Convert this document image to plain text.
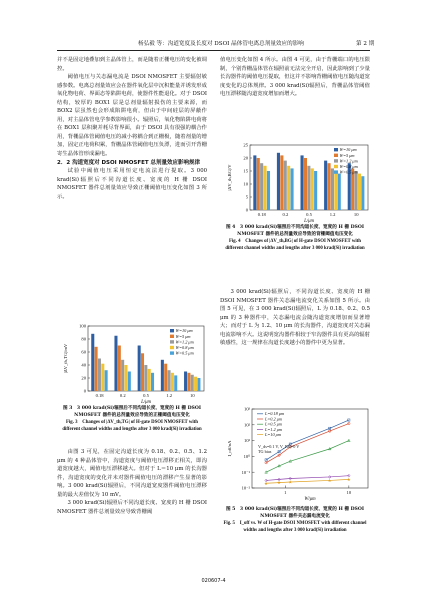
杨弘毅 等：沟道宽度及长度对 DSOI 晶体管电离总剂量效应的影响	第 2 期

并不是固定地叠加到主晶体管上，而是随着正栅电压的变化被调控。

阈值电压与关态漏电流是 DSOI NMOSFET 主要辐射敏感参数。电离总剂量效应会在器件氧化层中沉积能量并诱发形成氧化物电荷、界面态等陷阱电荷，使器件性能退化。对于 DSOI 结构，较厚的 BOX1 层是总剂量辐射损伤的主要来源，而 BOX2 层虽然也会形成陷阱电荷，但由于中间硅层的屏蔽作用，对主晶体管电学参数影响很小。辐照后，氧化物陷阱电荷将在 BOX1 层积聚并耗尽背界面，由于 DSOI 具有很强的耦合作用，背栅晶体管阈值电压的减小将耦合到正栅极，随着剂量的增加，固定正电荷积累，背栅晶体管阈值电压负漂，进而引开背栅寄生晶体管形成漏电。

2．2 沟道宽度对 DSOI NMOSFET 总剂量效应影响规律

试验中阈值电压采用恒定电流法进行提取。3 000 krad(Si)辐照后不同沟道长度、宽度的 H 栅 DSOI NMOSFET 器件总剂量效应导致正栅阈值电压变化如图 3 所示。

0
20
40
60
80
100
0.18	0.2	0.5	1.2	10
L/μm
|ΔV_th,TG|/mV
W=10 μm
W=5 μm
W=1.2 μm
W=0.8 μm
W=0.5 μm
图 3　3 000 krad(Si)辐照后不同沟道长度、宽度的 H 栅 DSOI NMOSFET 器件的总剂量效应导致的正栅阈值电压变化
Fig. 3　Changes of |ΔV_th,TG| of H-gate DSOI NMOSFET with different channel widths and lengths after 3 000 krad(Si) irradiation

由图 3 可见，在固定沟道长度为 0.18、0.2、0.5、1.2 μm 的 4 种晶体管中，沟道宽度与阈值电压漂移正相关，即沟道宽度越大，阈值电压漂移越大。但对于 L＝10 μm 的长沟器件，沟道宽度的变化并未对器件阈值电压的漂移产生显著的影响。3 000 krad(Si)辐照后，不同沟道宽度器件阈值电压漂移量的最大差值仅为 10 mV。

3 000 krad(Si)辐照后不同沟道长度、宽度的 H 栅 DSOI NMOSFET 器件总剂量效应导致背栅阈

值电压变化如图 4 所示。由图 4 可见，由于背栅端口的电压限制，个别背栅晶体管在辐照前无法完全开启，因此影响到了少量长沟器件的阈值电压提取，但这并不影响背栅阈值电压随沟道宽度变化的总体规律。3 000 krad(Si)辐照后，背栅晶体管阈值电压漂移随沟道宽度增加而增大。

0
5
10
15
20
25
0.18	0.2	0.5	1.2	10
L/μm
|ΔV_th,BG|/V
W=10 μm
W=5 μm
W=1.2 μm
W=0.8 μm
W=0.5 μm
图 4　3 000 krad(Si)辐照后不同沟道长度、宽度的 H 栅 DSOI NMOSFET 器件的总剂量效应导致的背栅阈值电压变化
Fig. 4　Changes of |ΔV_th,BG| of H-gate DSOI NMOSFET with different channel widths and lengths after 3 000 krad(Si) irradiation

3 000 krad(Si)辐照后，不同沟道长度、宽度的 H 栅 DSOI NMOSFET 器件关态漏电流变化关系如图 5 所示。由图 5 可见，在 3 000 krad(Si)辐照后，L 为 0.18、0.2、0.5 μm 的 3 种器件中，关态漏电流会随沟道宽度增加而显著增大；而对于 L 为 1.2、10 μm 的长沟器件，沟道宽度对关态漏电流影响不大。这说明宽沟器件相较于窄沟器件具有更高的辐射敏感性，这一规律在沟道长度越小的器件中更为显著。

10⁻²
10⁻¹
10⁰
10¹
10²
10³
1	10
★ ★ ★	★	★
L=0.18 μm
L=0.2 μm
L=0.5 μm
L=1.2 μm
L=10 μm
V_ds=0.1 V, V_BG=0 V
TG bias
W/μm
I_off/nA
图 5　3 000 krad(Si)辐照后不同沟道长度、宽度的 H 栅 DSOI NMOSFET 器件关态漏电流变化
Fig. 5　I_off vs. W of H-gate DSOI NMOSFET with different channel widths and lengths after 3 000 krad(Si) irradiation
020607-4
